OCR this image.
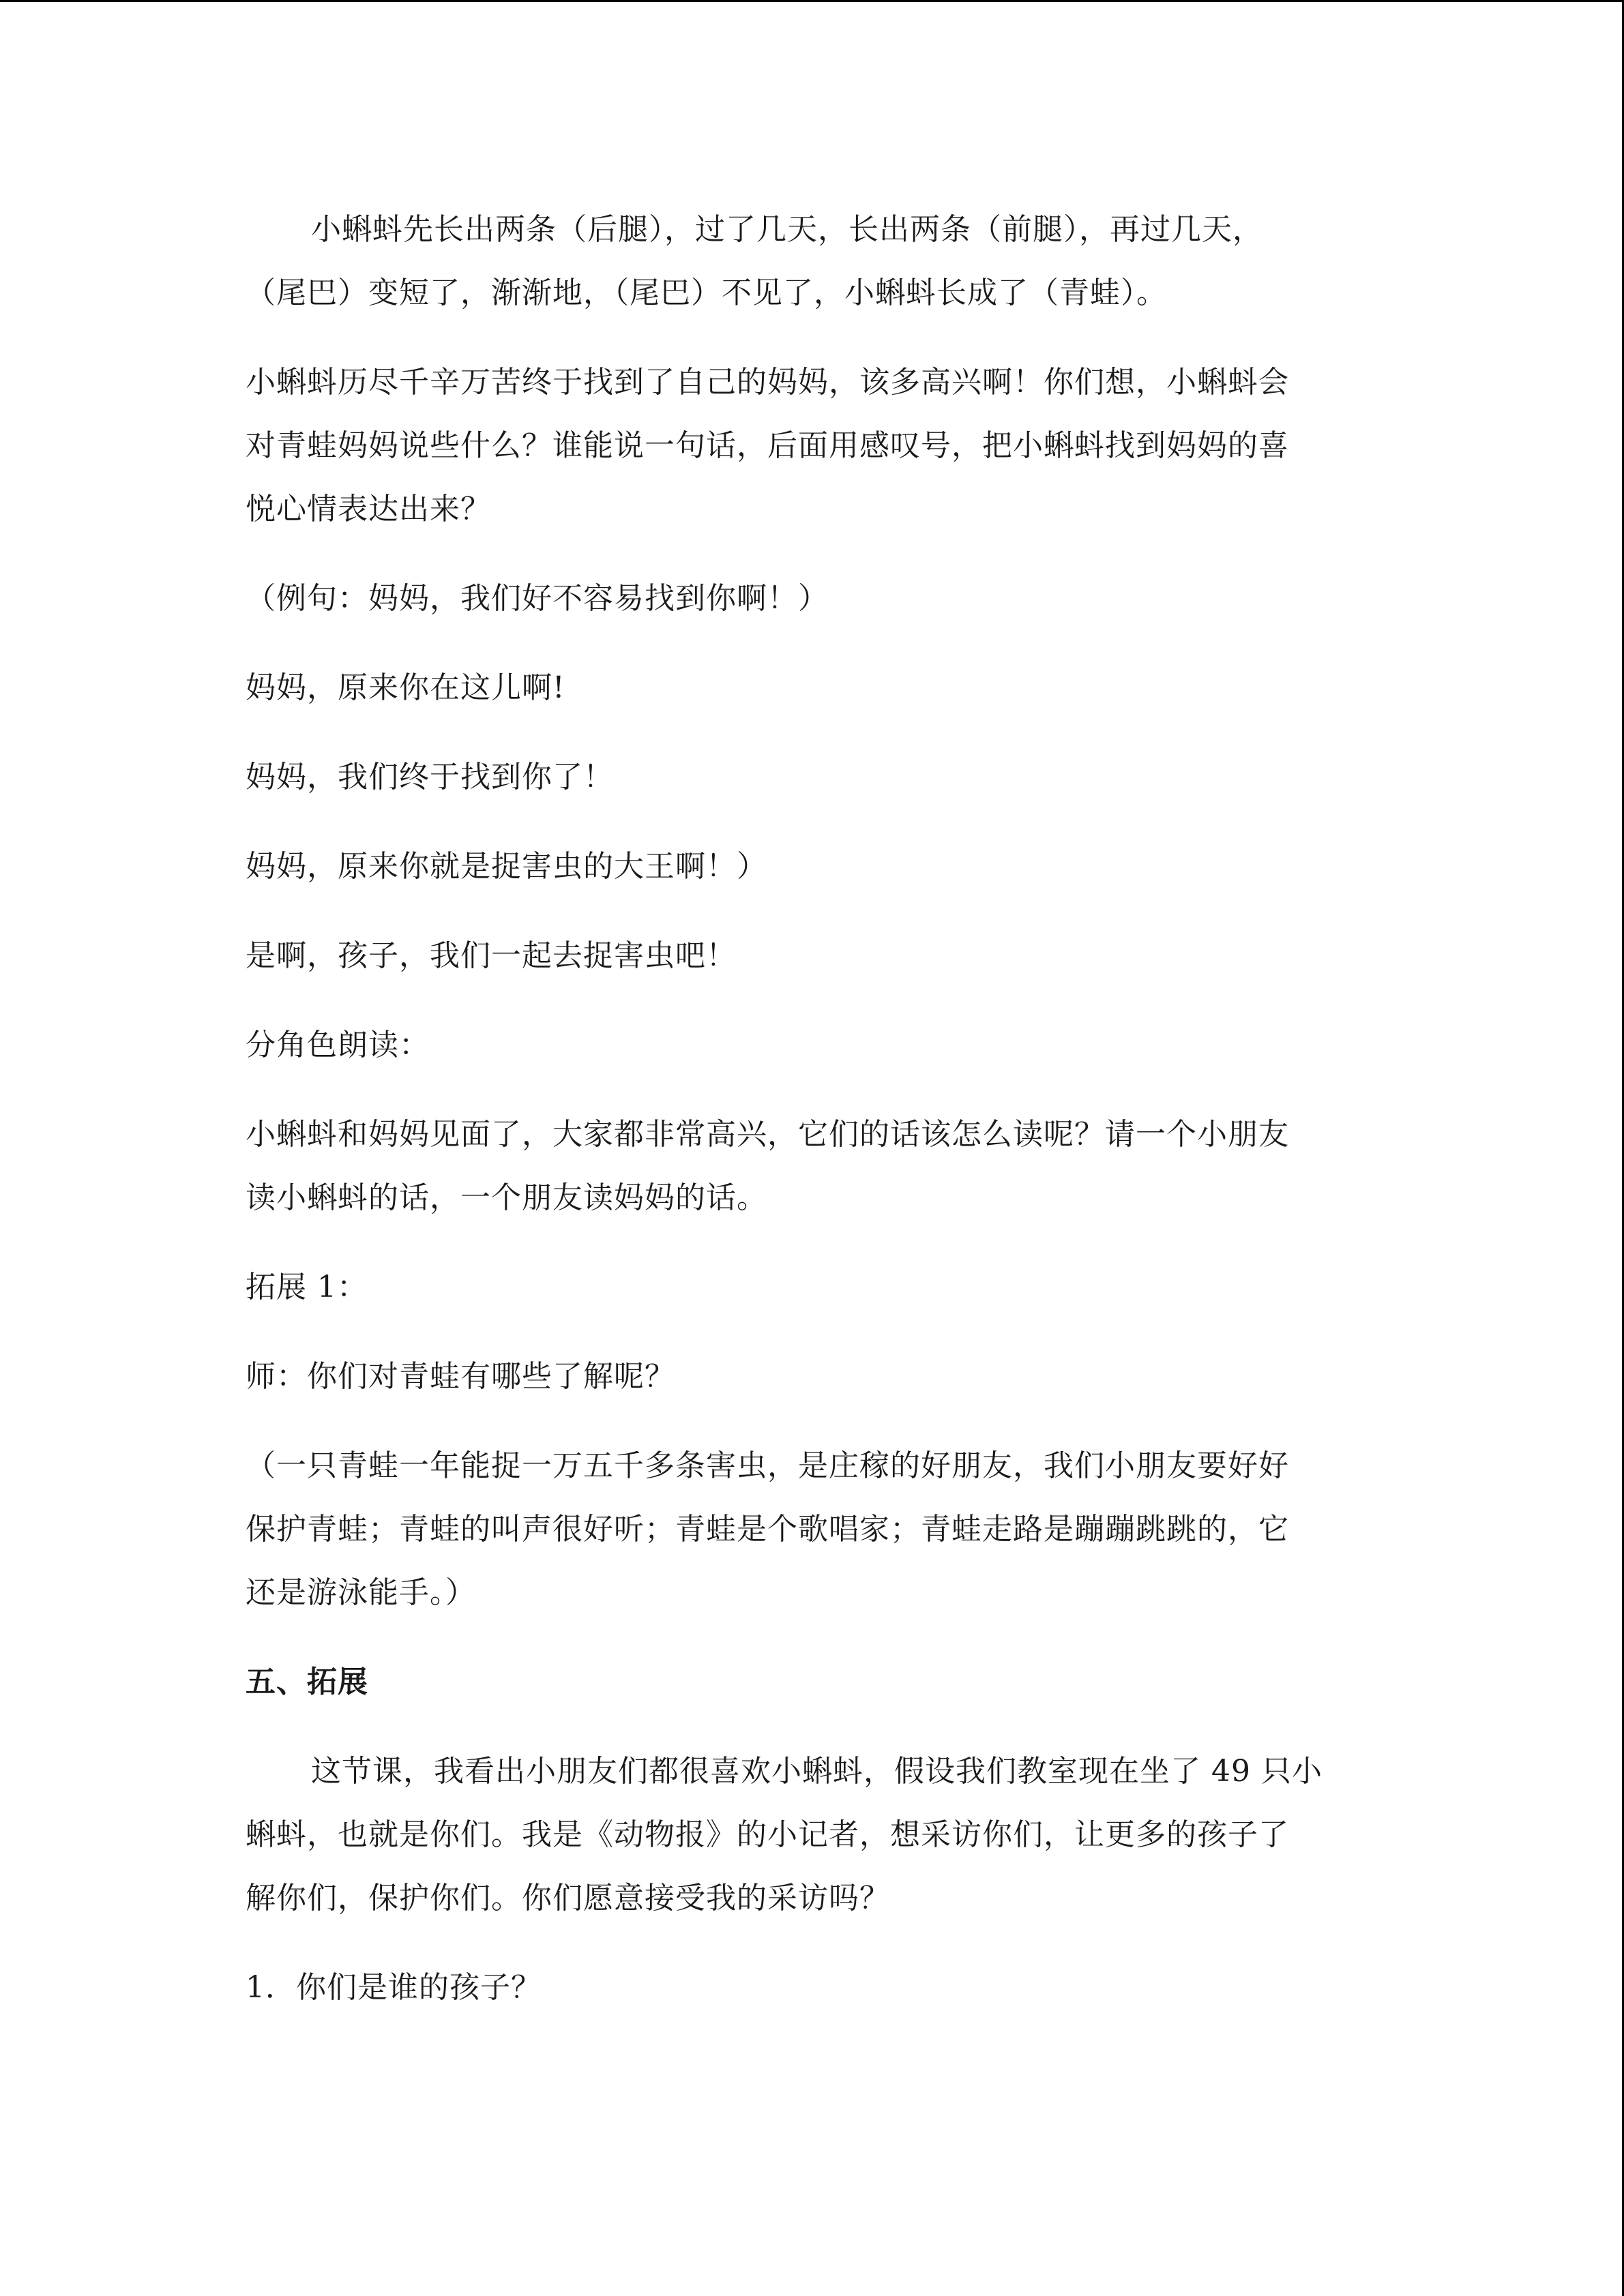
小蝌蚪先长出两条（后腿），过了几天，长出两条（前腿），再过几天，
（尾巴）变短了，渐渐地，（尾巴）不见了，小蝌蚪长成了（青蛙）。

小蝌蚪历尽千辛万苦终于找到了自己的妈妈，该多高兴啊！你们想，小蝌蚪会
对青蛙妈妈说些什么？谁能说一句话，后面用感叹号，把小蝌蚪找到妈妈的喜
悦心情表达出来？

（例句：妈妈，我们好不容易找到你啊！）

妈妈，原来你在这儿啊!

妈妈，我们终于找到你了！

妈妈，原来你就是捉害虫的大王啊！）

是啊，孩子，我们一起去捉害虫吧！

分角色朗读：

小蝌蚪和妈妈见面了，大家都非常高兴，它们的话该怎么读呢？请一个小朋友
读小蝌蚪的话，一个朋友读妈妈的话。

拓展 1：

师：你们对青蛙有哪些了解呢？

（一只青蛙一年能捉一万五千多条害虫，是庄稼的好朋友，我们小朋友要好好
保护青蛙；青蛙的叫声很好听；青蛙是个歌唱家；青蛙走路是蹦蹦跳跳的，它
还是游泳能手。）

五、拓展

这节课，我看出小朋友们都很喜欢小蝌蚪，假设我们教室现在坐了 49 只小
蝌蚪，也就是你们。我是《动物报》的小记者，想采访你们，让更多的孩子了
解你们，保护你们。你们愿意接受我的采访吗？

1．你们是谁的孩子？
